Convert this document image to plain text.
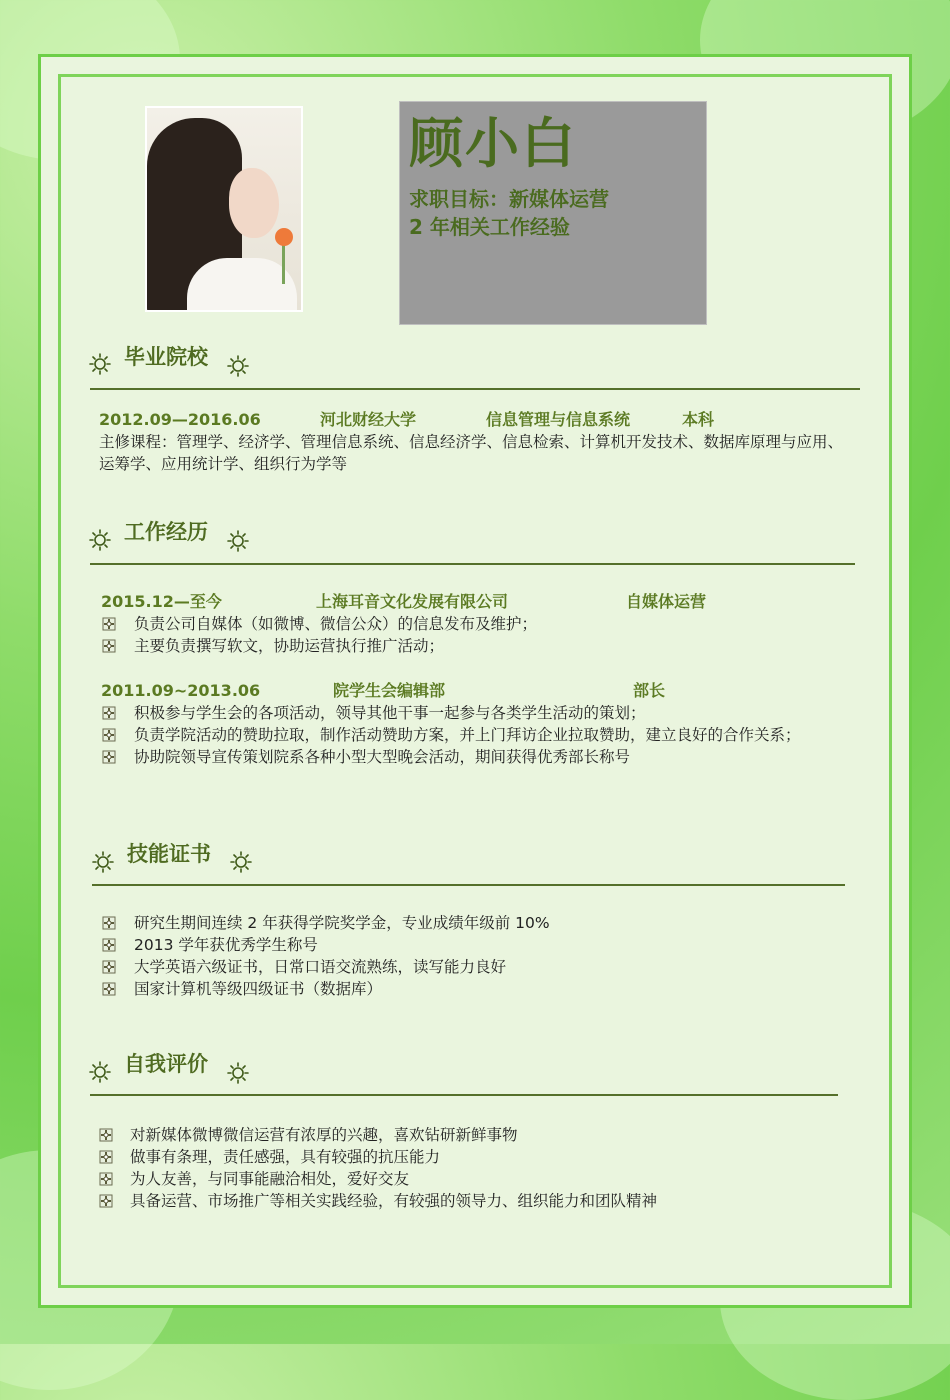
顾小白
求职目标：新媒体运营
2 年相关工作经验
毕业院校
2012.09—2016.06	河北财经大学	信息管理与信息系统	本科
主修课程：管理学、经济学、管理信息系统、信息经济学、信息检索、计算机开发技术、数据库原理与应用、
运筹学、应用统计学、组织行为学等
工作经历
2015.12—至今	上海耳音文化发展有限公司	自媒体运营
负责公司自媒体（如微博、微信公众）的信息发布及维护；
主要负责撰写软文，协助运营执行推广活动；
2011.09~2013.06	院学生会编辑部	部长
积极参与学生会的各项活动，领导其他干事一起参与各类学生活动的策划；
负责学院活动的赞助拉取，制作活动赞助方案，并上门拜访企业拉取赞助，建立良好的合作关系；
协助院领导宣传策划院系各种小型大型晚会活动，期间获得优秀部长称号
技能证书
研究生期间连续 2 年获得学院奖学金，专业成绩年级前 10%
2013 学年获优秀学生称号
大学英语六级证书，日常口语交流熟练，读写能力良好
国家计算机等级四级证书（数据库）
自我评价
对新媒体微博微信运营有浓厚的兴趣，喜欢钻研新鲜事物
做事有条理，责任感强，具有较强的抗压能力
为人友善，与同事能融洽相处，爱好交友
具备运营、市场推广等相关实践经验，有较强的领导力、组织能力和团队精神
